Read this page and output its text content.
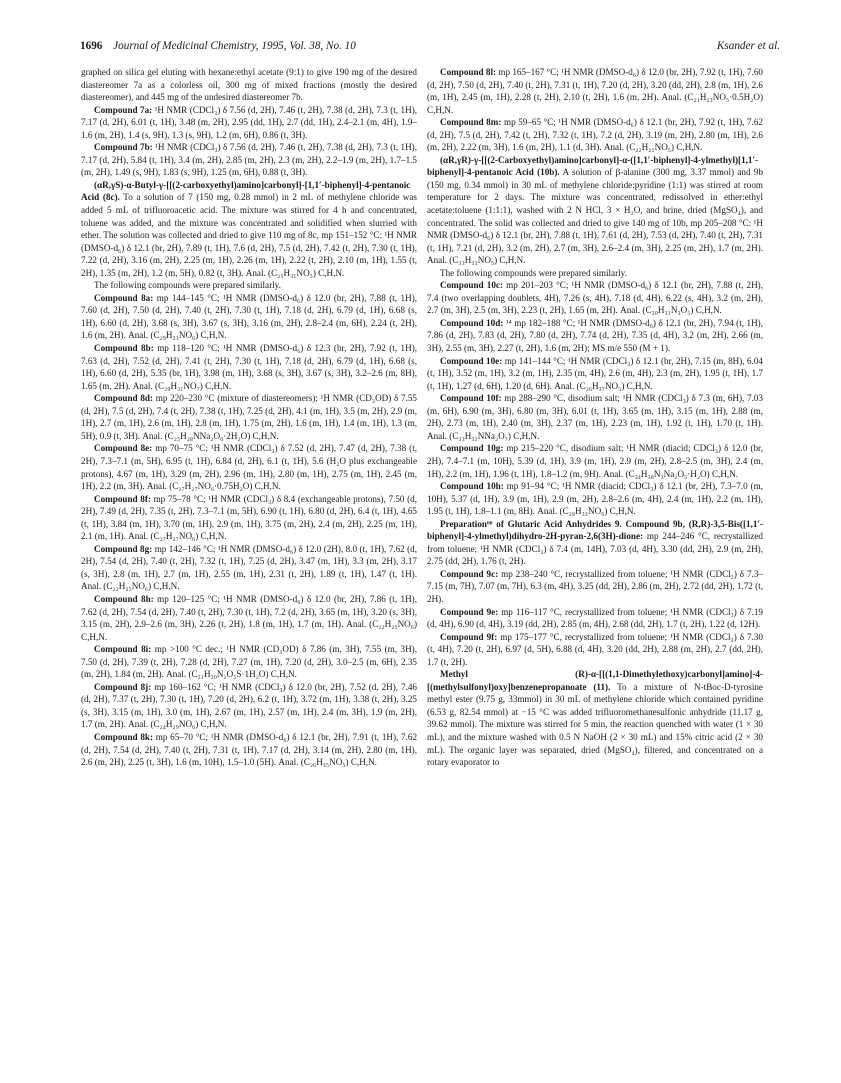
1696 Journal of Medicinal Chemistry, 1995, Vol. 38, No. 10	Ksander et al.

graphed on silica gel eluting with hexane:ethyl acetate (9:1) to give 190 mg of the desired diastereomer 7a as a colorless oil, 300 mg of mixed fractions (mostly the desired diastereomer), and 445 mg of the undesired diastereomer 7b.

Compound 7a: ¹H NMR (CDCl₃) δ 7.56 (d, 2H), 7.46 (t, 2H), 7.38 (d, 2H), 7.3 (t, 1H), 7.17 (d, 2H), 6.01 (t, 1H), 3.48 (m, 2H), 2.95 (dd, 1H), 2.7 (dd, 1H), 2.4–2.1 (m, 4H), 1.9–1.6 (m, 2H), 1.4 (s, 9H), 1.3 (s, 9H), 1.2 (m, 6H), 0.86 (t, 3H).

Compound 7b: ¹H NMR (CDCl₃) δ 7.56 (d, 2H), 7.46 (t, 2H), 7.38 (d, 2H), 7.3 (t, 1H), 7.17 (d, 2H), 5.84 (t, 1H), 3.4 (m, 2H), 2.85 (m, 2H), 2.3 (m, 2H), 2.2–1.9 (m, 2H), 1.7–1.5 (m, 2H), 1.49 (s, 9H), 1.83 (s, 9H), 1.25 (m, 6H), 0.88 (t, 3H).

(αR,γS)-α-Butyl-γ-[[(2-carboxyethyl)amino]carbonyl]-[1,1′-biphenyl]-4-pentanoic Acid (8c). To a solution of 7 (150 mg, 0.28 mmol) in 2 mL of methylene chloride was added 5 mL of trifluoroacetic acid. The mixture was stirred for 4 h and concentrated, toluene was added, and the mixture was concentrated and solidified when slurried with ether. The solution was collected and dried to give 110 mg of 8c, mp 151–152 °C: ¹H NMR (DMSO-d₆) δ 12.1 (br, 2H), 7.89 (t, 1H), 7.6 (d, 2H), 7.5 (d, 2H), 7.42 (t, 2H), 7.30 (t, 1H), 7.22 (d, 2H), 3.16 (m, 2H), 2.25 (m, 1H), 2.26 (m, 1H), 2.22 (t, 2H), 2.10 (m, 1H), 1.55 (t, 2H), 1.35 (m, 2H), 1.2 (m, 5H), 0.82 (t, 3H). Anal. (C₂₅H₃₁NO₅) C,H,N.

The following compounds were prepared similarly.

Compound 8a: mp 144–145 °C; ¹H NMR (DMSO-d₆) δ 12.0 (br, 2H), 7.88 (t, 1H), 7.60 (d, 2H), 7.50 (d, 2H), 7.40 (t, 2H), 7.30 (t, 1H), 7.18 (d, 2H), 6.79 (d, 1H), 6.68 (s, 1H), 6.60 (d, 2H), 3.68 (s, 3H), 3.67 (s, 3H), 3.16 (m, 2H), 2.8–2.4 (m, 6H), 2.24 (t, 2H), 1.6 (m, 2H). Anal. (C₂₉H₃₁NO₆) C,H,N.

Compound 8b: mp 118–120 °C; ¹H NMR (DMSO-d₆) δ 12.3 (br, 2H), 7.92 (t, 1H), 7.63 (d, 2H), 7.52 (d, 2H), 7.41 (t, 2H), 7.30 (t, 1H), 7.18 (d, 2H), 6.79 (d, 1H), 6.68 (s, 1H), 6.60 (d, 2H), 5.35 (br, 1H), 3.98 (m, 1H), 3.68 (s, 3H), 3.67 (s, 3H), 3.2–2.6 (m, 8H), 1.65 (m, 2H). Anal. (C₂₉H₃₁NO₇) C,H,N.

Compound 8d: mp 220–230 °C (mixture of diastereomers); ¹H NMR (CD₃OD) δ 7.55 (d, 2H), 7.5 (d, 2H), 7.4 (t, 2H), 7.38 (t, 1H), 7.25 (d, 2H), 4.1 (m, 1H), 3.5 (m, 2H), 2.9 (m, 1H), 2.7 (m, 1H), 2.6 (m, 1H), 2.8 (m, 1H), 1.75 (m, 2H), 1.6 (m, 1H), 1.4 (m, 1H), 1.3 (m, 5H), 0.9 (t, 3H). Anal. (C₂₅H₂₈NNa₂O₆·2H₂O) C,H,N.

Compound 8e: mp 70–75 °C; ¹H NMR (CDCl₃) δ 7.52 (d, 2H), 7.47 (d, 2H), 7.38 (t, 2H), 7.3–7.1 (m, 5H), 6.95 (t, 1H), 6.84 (d, 2H), 6.1 (t, 1H), 5.6 (H₂O plus exchangeable protons), 4.67 (m, 1H), 3.29 (m, 2H), 2.96 (m, 1H), 2.80 (m, 1H), 2.75 (m, 1H), 2.45 (m, 1H), 2.2 (m, 3H). Anal. (C₂₇H₂₇NO₆·0.75H₂O) C,H,N.

Compound 8f: mp 75–78 °C; ¹H NMR (CDCl₃) δ 8.4 (exchangeable protons), 7.50 (d, 2H), 7.49 (d, 2H), 7.35 (t, 2H), 7.3–7.1 (m, 5H), 6.90 (t, 1H), 6.80 (d, 2H), 6.4 (t, 1H), 4.65 (t, 1H), 3.84 (m, 1H), 3.70 (m, 1H), 2.9 (m, 1H), 3.75 (m, 2H), 2.4 (m, 2H), 2.25 (m, 1H), 2.1 (m, 1H). Anal. (C₂₇H₂₇NO₆) C,H,N.

Compound 8g: mp 142–146 °C; ¹H NMR (DMSO-d₆) δ 12.0 (2H), 8.0 (t, 1H), 7.62 (d, 2H), 7.54 (d, 2H), 7.40 (t, 2H), 7.32 (t, 1H), 7.25 (d, 2H), 3.47 (m, 1H), 3.3 (m, 2H), 3.17 (s, 3H), 2.8 (m, 1H), 2.7 (m, 1H), 2.55 (m, 1H), 2.31 (t, 2H), 1.89 (t, 1H), 1.47 (t, 1H). Anal. (C₂₂H₂₅NO₆) C,H,N.

Compound 8h: mp 120–125 °C; ¹H NMR (DMSO-d₆) δ 12.0 (br, 2H), 7.86 (t, 1H), 7.62 (d, 2H), 7.54 (d, 2H), 7.40 (t, 2H), 7.30 (t, 1H), 7.2 (d, 2H), 3.65 (m, 1H), 3.20 (s, 3H), 3.15 (m, 2H), 2.9–2.6 (m, 3H), 2.26 (t, 2H), 1.8 (m, 1H), 1.7 (m, 1H). Anal. (C₂₂H₂₅NO₆) C,H,N.

Compound 8i: mp >100 °C dec.; ¹H NMR (CD₃OD) δ 7.86 (m, 3H), 7.55 (m, 3H), 7.50 (d, 2H), 7.39 (t, 2H), 7.28 (d, 2H), 7.27 (m, 1H), 7.20 (d, 2H), 3.0–2.5 (m, 6H), 2.35 (m, 2H), 1.84 (m, 2H). Anal. (C₃₁H₃₀N₂O₅S·1H₂O) C,H,N.

Compound 8j: mp 160–162 °C; ¹H NMR (CDCl₃) δ 12.0 (br, 2H), 7.52 (d, 2H), 7.46 (d, 2H), 7.37 (t, 2H), 7.30 (t, 1H), 7.20 (d, 2H), 6.2 (t, 1H), 3.72 (m, 1H), 3.38 (t, 2H), 3.25 (s, 3H), 3.15 (m, 1H), 3.0 (m, 1H), 2.67 (m, 1H), 2.57 (m, 1H), 2.4 (m, 3H), 1.9 (m, 2H), 1.7 (m, 2H). Anal. (C₂₄H₂₉NO₆) C,H,N.

Compound 8k: mp 65–70 °C; ¹H NMR (DMSO-d₆) δ 12.1 (br, 2H), 7.91 (t, 1H), 7.62 (d, 2H), 7.54 (d, 2H), 7.40 (t, 2H), 7.31 (t, 1H), 7.17 (d, 2H), 3.14 (m, 2H), 2.80 (m, 1H), 2.6 (m, 2H), 2.25 (t, 3H), 1.6 (m, 10H), 1.5–1.0 (5H). Anal. (C₂₆H₃₅NO₅) C,H,N.

Compound 8l: mp 165–167 °C; ¹H NMR (DMSO-d₆) δ 12.0 (br, 2H), 7.92 (t, 1H), 7.60 (d, 2H), 7.50 (d, 2H), 7.40 (t, 2H), 7.31 (t, 1H), 7.20 (d, 2H), 3.20 (dd, 2H), 2.8 (m, 1H), 2.6 (m, 1H), 2.45 (m, 1H), 2.28 (t, 2H), 2.10 (t, 2H), 1.6 (m, 2H). Anal. (C₂₁H₂₃NO₅·0.5H₂O) C,H,N.

Compound 8m: mp 59–65 °C; ¹H NMR (DMSO-d₆) δ 12.1 (br, 2H), 7.92 (t, 1H), 7.62 (d, 2H), 7.5 (d, 2H), 7.42 (t, 2H), 7.32 (t, 1H), 7.2 (d, 2H), 3.19 (m, 2H), 2.80 (m, 1H), 2.6 (m, 2H), 2.22 (m, 3H), 1.6 (m, 2H), 1.1 (d, 3H). Anal. (C₂₂H₂₅NO₅) C,H,N.

(αR,γR)-γ-[[(2-Carboxyethyl)amino]carbonyl]-α-([1,1′-biphenyl]-4-ylmethyl)[1,1′-biphenyl]-4-pentanoic Acid (10b). A solution of β-alanine (300 mg, 3.37 mmol) and 9b (150 mg, 0.34 mmol) in 30 mL of methylene chloride:pyridine (1:1) was stirred at room temperature for 2 days. The mixture was concentrated, redissolved in ether:ethyl acetate:toluene (1:1:1), washed with 2 N HCl, 3 × H₂O, and brine, dried (MgSO₄), and concentrated. The solid was collected and dried to give 140 mg of 10b, mp 205–208 °C: ¹H NMR (DMSO-d₆) δ 12.1 (br, 2H), 7.88 (t, 1H), 7.61 (d, 2H), 7.53 (d, 2H), 7.40 (t, 2H), 7.31 (t, 1H), 7.21 (d, 2H), 3.2 (m, 2H), 2.7 (m, 3H), 2.6–2.4 (m, 3H), 2.25 (m, 2H), 1.7 (m, 2H). Anal. (C₃₃H₃₃NO₅) C,H,N.

The following compounds were prepared similarly.

Compound 10c: mp 201–203 °C; ¹H NMR (DMSO-d₆) δ 12.1 (br, 2H), 7.88 (t, 2H), 7.4 (two overlapping doublets, 4H), 7.26 (s, 4H), 7.18 (d, 4H), 6.22 (s, 4H), 3.2 (m, 2H), 2.7 (m, 3H), 2.5 (m, 3H), 2.23 (t, 2H), 1.65 (m, 2H). Anal. (C₃₀H₃₁N₃O₅) C,H,N.

Compound 10d: ¹⁴ mp 182–188 °C; ¹H NMR (DMSO-d₆) δ 12.1 (br, 2H), 7.94 (t, 1H), 7.86 (d, 2H), 7.83 (d, 2H), 7.80 (d, 2H), 7.74 (d, 2H), 7.35 (d, 4H), 3.2 (m, 2H), 2.66 (m, 3H), 2.55 (m, 3H), 2.27 (t, 2H), 1.6 (m, 2H); MS m/e 550 (M + 1).

Compound 10e: mp 141–144 °C; ¹H NMR (CDCl₃) δ 12.1 (br, 2H), 7.15 (m, 8H), 6.04 (t, 1H), 3.52 (m, 1H), 3.2 (m, 1H), 2.35 (m, 4H), 2.6 (m, 4H), 2.3 (m, 2H), 1.95 (t, 1H), 1.7 (t, 1H), 1.27 (d, 6H), 1.20 (d, 6H). Anal. (C₂₆H₃₇NO₅) C,H,N.

Compound 10f: mp 288–290 °C, disodium salt; ¹H NMR (CDCl₃) δ 7.3 (m, 6H), 7.03 (m, 6H), 6.90 (m, 3H), 6.80 (m, 3H), 6.01 (t, 1H), 3.65 (m, 1H), 3.15 (m, 1H), 2.88 (m, 2H), 2.73 (m, 1H), 2.40 (m, 3H), 2.37 (m, 1H), 2.23 (m, 1H), 1.92 (t, 1H), 1.70 (t, 1H). Anal. (C₃₃H₃₁NNa₂O₇) C,H,N.

Compound 10g: mp 215–220 °C, disodium salt; ¹H NMR (diacid; CDCl₃) δ 12.0 (br, 2H), 7.4–7.1 (m, 10H), 5.39 (d, 1H), 3.9 (m, 1H), 2.9 (m, 2H), 2.8–2.5 (m, 3H), 2.4 (m, 1H), 2.2 (m, 1H), 1.96 (t, 1H), 1.8–1.2 (m, 9H). Anal. (C₃₄H₃₈N₃Na₂O₅·H₂O) C,H,N.

Compound 10h: mp 91–94 °C; ¹H NMR (diacid; CDCl₃) δ 12.1 (br, 2H), 7.3–7.0 (m, 10H), 5.37 (d, 1H), 3.9 (m, 1H), 2.9 (m, 2H), 2.8–2.6 (m, 4H), 2.4 (m, 1H), 2.2 (m, 1H), 1.95 (t, 1H), 1.8–1.1 (m, 8H). Anal. (C₂₈H₃₃NO₆) C,H,N.

Preparation⁶⁶ of Glutaric Acid Anhydrides 9. Compound 9b, (R,R)-3,5-Bis([1,1′-biphenyl]-4-ylmethyl)dihydro-2H-pyran-2,6(3H)-dione: mp 244–246 °C, recrystallized from toluene; ¹H NMR (CDCl₃) δ 7.4 (m, 14H), 7.03 (d, 4H), 3.30 (dd, 2H), 2.9 (m, 2H), 2.75 (dd, 2H), 1.76 (t, 2H).

Compound 9c: mp 238–240 °C, recrystallized from toluene; ¹H NMR (CDCl₃) δ 7.3–7.15 (m, 7H), 7.07 (m, 7H), 6.3 (m, 4H), 3.25 (dd, 2H), 2.86 (m, 2H), 2.72 (dd, 2H), 1.72 (t, 2H).

Compound 9e: mp 116–117 °C, recrystallized from toluene; ¹H NMR (CDCl₃) δ 7.19 (d, 4H), 6.90 (d, 4H), 3.19 (dd, 2H), 2.85 (m, 4H), 2.68 (dd, 2H), 1.7 (t, 2H), 1.22 (d, 12H).

Compound 9f: mp 175–177 °C, recrystallized from toluene; ¹H NMR (CDCl₃) δ 7.30 (t, 4H), 7.20 (t, 2H), 6.97 (d, 5H), 6.88 (d, 4H), 3.20 (dd, 2H), 2.88 (m, 2H), 2.7 (dd, 2H), 1.7 (t, 2H).

Methyl (R)-α-[[(1,1-Dimethylethoxy)carbonyl]amino]-4-[(methylsulfonyl)oxy]benzenepropanoate (11). To a mixture of N-tBoc-D-tyrosine methyl ester (9.75 g, 33mmol) in 30 mL of methylene chloride which contained pyridine (6.53 g, 82.54 mmol) at −15 °C was added trifluoromethanesulfonic anhydride (11.17 g, 39.62 mmol). The mixture was stirred for 5 min, the reaction quenched with water (1 × 30 mL), and the mixture washed with 0.5 N NaOH (2 × 30 mL) and 15% citric acid (2 × 30 mL). The organic layer was separated, dried (MgSO₄), filtered, and concentrated on a rotary evaporator to
